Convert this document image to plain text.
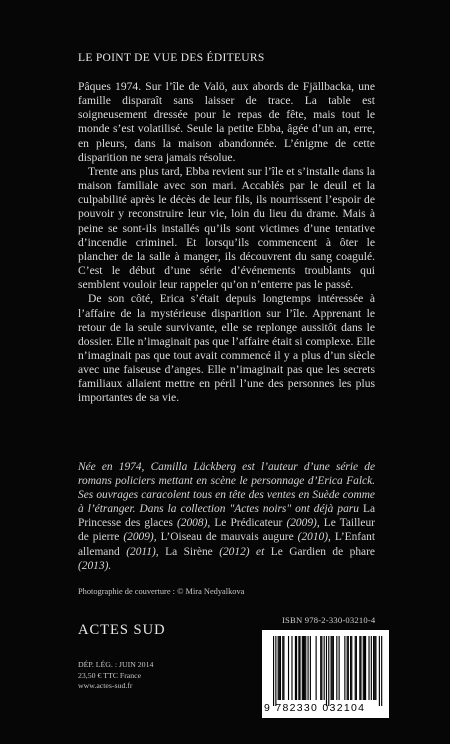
LE POINT DE VUE DES ÉDITEURS

Pâques 1974. Sur l’île de Valö, aux abords de Fjällbacka, une famille disparaît sans laisser de trace. La table est soigneusement dressée pour le repas de fête, mais tout le monde s’est volatilisé. Seule la petite Ebba, âgée d’un an, erre, en pleurs, dans la maison abandonnée. L’énigme de cette disparition ne sera jamais résolue.

Trente ans plus tard, Ebba revient sur l’île et s’installe dans la maison familiale avec son mari. Accablés par le deuil et la culpabilité après le décès de leur fils, ils nourrissent l’espoir de pouvoir y reconstruire leur vie, loin du lieu du drame. Mais à peine se sont-ils installés qu’ils sont victimes d’une tentative d’incendie criminel. Et lorsqu’ils commencent à ôter le plancher de la salle à manger, ils découvrent du sang coagulé. C’est le début d’une série d’événements troublants qui semblent vouloir leur rappeler qu’on n’enterre pas le passé.

De son côté, Erica s’était depuis longtemps intéressée à l’affaire de la mystérieuse disparition sur l’île. Apprenant le retour de la seule survivante, elle se replonge aussitôt dans le dossier. Elle n’imaginait pas que l’affaire était si complexe. Elle n’imaginait pas que tout avait commencé il y a plus d’un siècle avec une faiseuse d’anges. Elle n’imaginait pas que les secrets familiaux allaient mettre en péril l’une des personnes les plus importantes de sa vie.

Née en 1974, Camilla Läckberg est l’auteur d’une série de romans policiers mettant en scène le personnage d’Erica Falck. Ses ouvrages caracolent tous en tête des ventes en Suède comme à l’étranger. Dans la collection "Actes noirs" ont déjà paru La Princesse des glaces (2008), Le Prédicateur (2009), Le Tailleur de pierre (2009), L’Oiseau de mauvais augure (2010), L’Enfant allemand (2011), La Sirène (2012) et Le Gardien de phare (2013).

Photographie de couverture : © Mira Nedyalkova
ISBN 978-2-330-03210-4
ACTES SUD
DÉP. LÉG. : JUIN 2014
23,50 € TTC France
www.actes-sud.fr
9 782330 032104
